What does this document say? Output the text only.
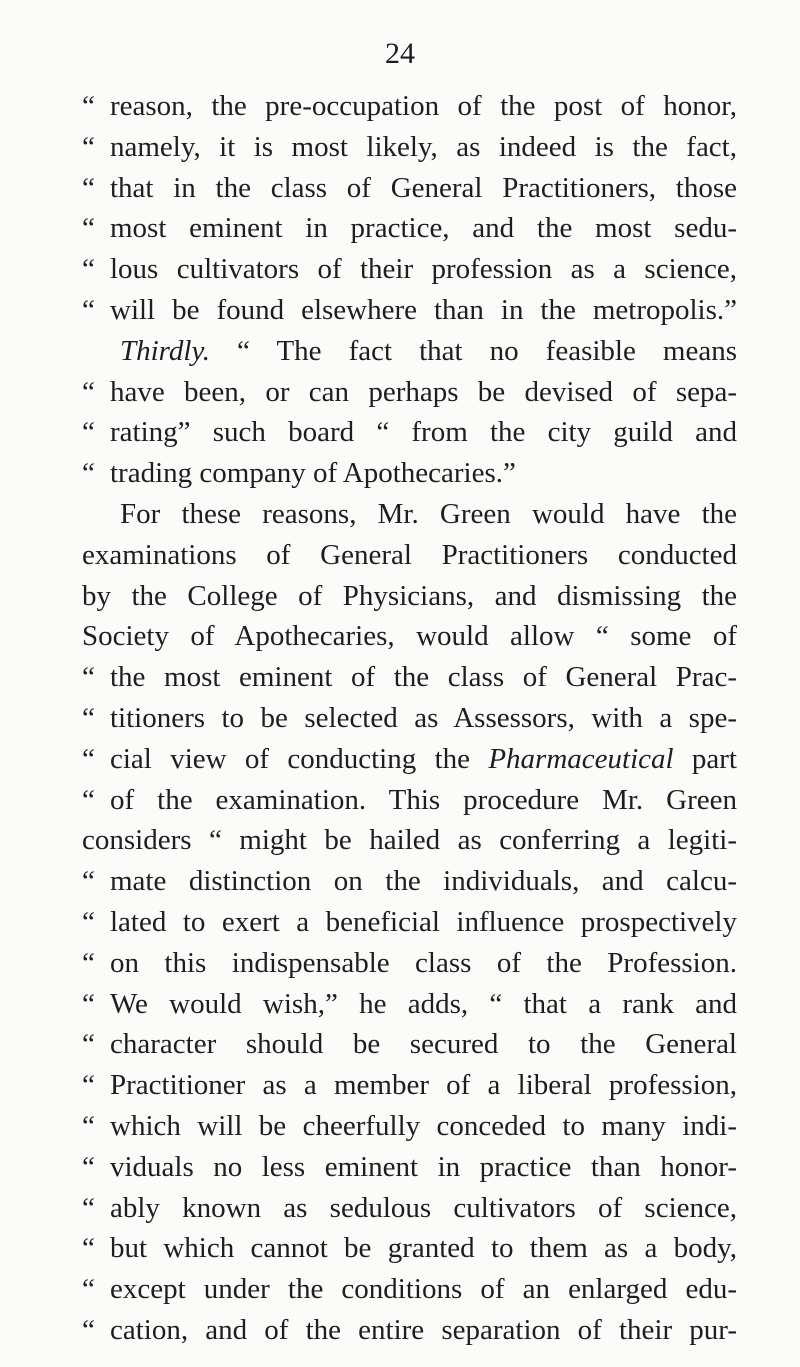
24
“ reason, the pre-occupation of the post of honor,
“ namely, it is most likely, as indeed is the fact,
“ that in the class of General Practitioners, those
“ most eminent in practice, and the most sedu-
“ lous cultivators of their profession as a science,
“ will be found elsewhere than in the metropolis.”
Thirdly. “ The fact that no feasible means
“ have been, or can perhaps be devised of sepa-
“ rating” such board “ from the city guild and
“ trading company of Apothecaries.”
For these reasons, Mr. Green would have the
examinations of General Practitioners conducted
by the College of Physicians, and dismissing the
Society of Apothecaries, would allow “ some of
“ the most eminent of the class of General Prac-
“ titioners to be selected as Assessors, with a spe-
“ cial view of conducting the Pharmaceutical part
“ of the examination. This procedure Mr. Green
considers “ might be hailed as conferring a legiti-
“ mate distinction on the individuals, and calcu-
“ lated to exert a beneficial influence prospectively
“ on this indispensable class of the Profession.
“ We would wish,” he adds, “ that a rank and
“ character should be secured to the General
“ Practitioner as a member of a liberal profession,
“ which will be cheerfully conceded to many indi-
“ viduals no less eminent in practice than honor-
“ ably known as sedulous cultivators of science,
“ but which cannot be granted to them as a body,
“ except under the conditions of an enlarged edu-
“ cation, and of the entire separation of their pur-
